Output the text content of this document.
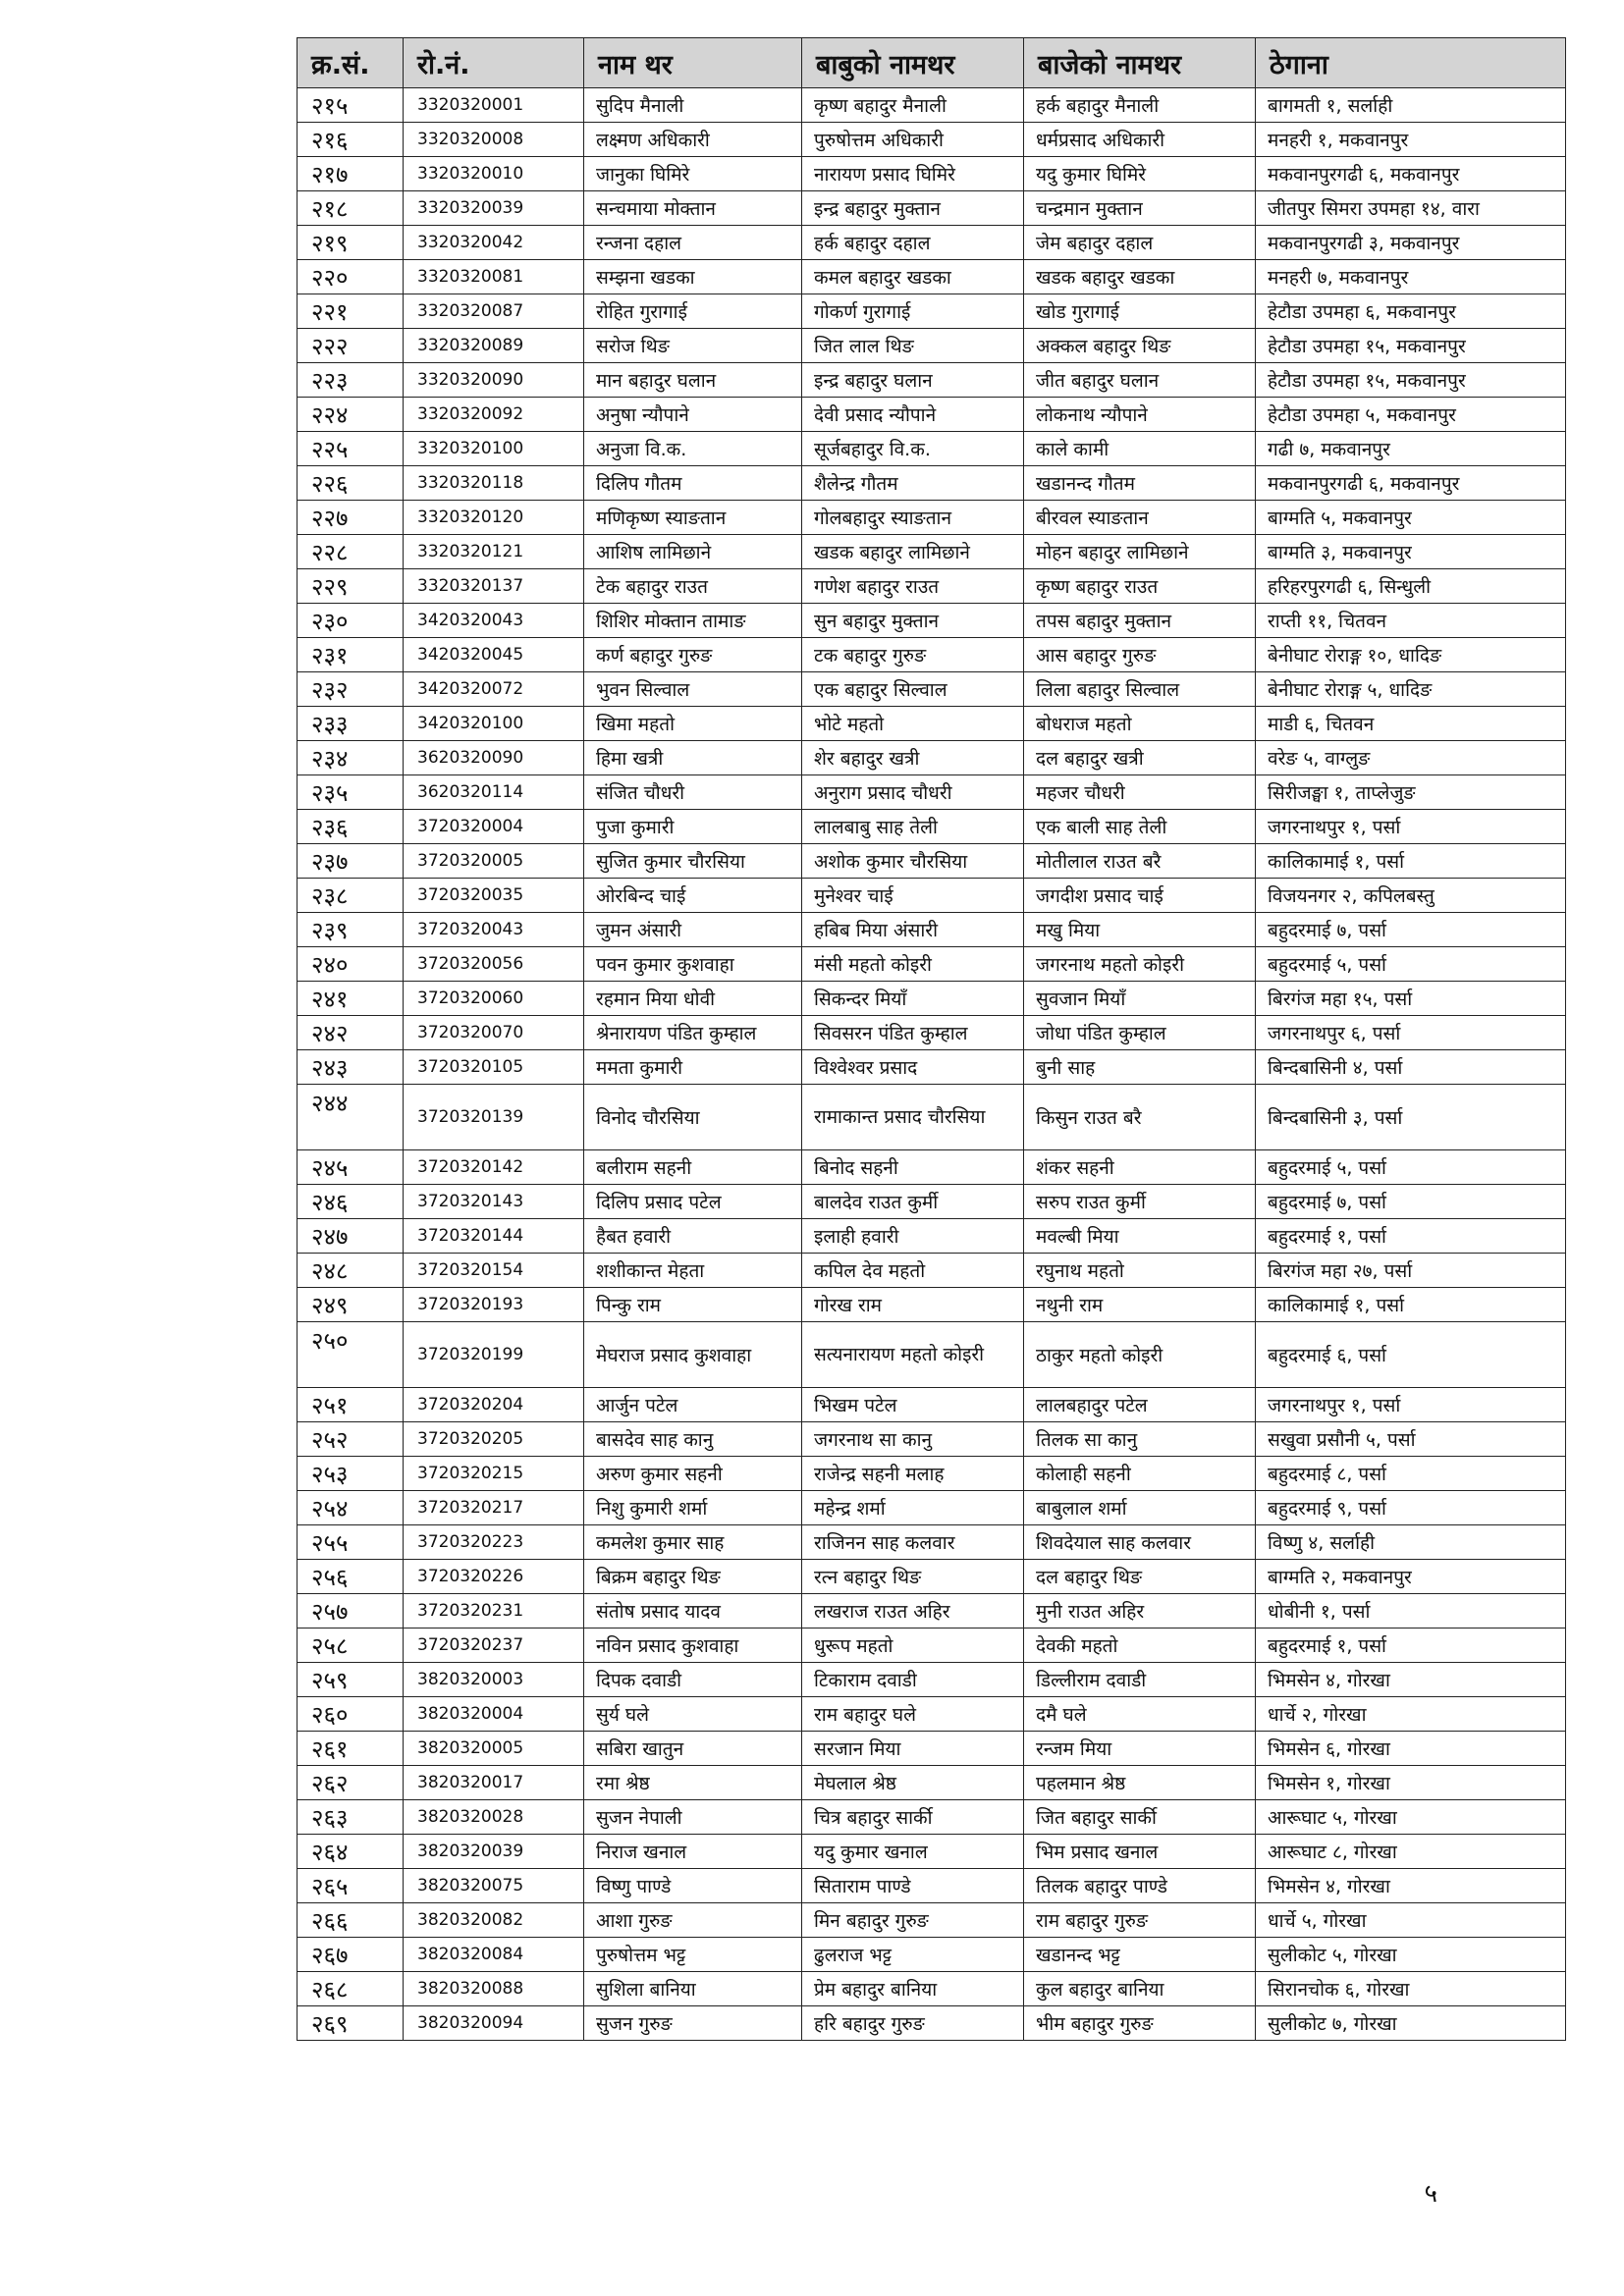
क्र.सं.	रो.नं.	नाम थर	बाबुको नामथर	बाजेको नामथर	ठेगाना
२१५	3320320001	सुदिप मैनाली	कृष्ण बहादुर मैनाली	हर्क बहादुर मैनाली	बागमती १, सर्लाही
२१६	3320320008	लक्ष्मण अधिकारी	पुरुषोत्तम अधिकारी	धर्मप्रसाद अधिकारी	मनहरी १, मकवानपुर
२१७	3320320010	जानुका घिमिरे	नारायण प्रसाद घिमिरे	यदु कुमार घिमिरे	मकवानपुरगढी ६, मकवानपुर
२१८	3320320039	सन्चमाया मोक्तान	इन्द्र बहादुर मुक्तान	चन्द्रमान मुक्तान	जीतपुर सिमरा उपमहा १४, वारा
२१९	3320320042	रन्जना दहाल	हर्क बहादुर दहाल	जेम बहादुर दहाल	मकवानपुरगढी ३, मकवानपुर
२२०	3320320081	सम्झना खडका	कमल बहादुर खडका	खडक बहादुर खडका	मनहरी ७, मकवानपुर
२२१	3320320087	रोहित गुरागाई	गोकर्ण गुरागाई	खोड गुरागाई	हेटौडा उपमहा ६, मकवानपुर
२२२	3320320089	सरोज थिङ	जित लाल थिङ	अक्कल बहादुर थिङ	हेटौडा उपमहा १५, मकवानपुर
२२३	3320320090	मान बहादुर घलान	इन्द्र बहादुर घलान	जीत बहादुर घलान	हेटौडा उपमहा १५, मकवानपुर
२२४	3320320092	अनुषा न्यौपाने	देवी प्रसाद न्यौपाने	लोकनाथ न्यौपाने	हेटौडा उपमहा ५, मकवानपुर
२२५	3320320100	अनुजा वि.क.	सूर्जबहादुर वि.क.	काले कामी	गढी ७, मकवानपुर
२२६	3320320118	दिलिप गौतम	शैलेन्द्र गौतम	खडानन्द गौतम	मकवानपुरगढी ६, मकवानपुर
२२७	3320320120	मणिकृष्ण स्याङतान	गोलबहादुर स्याङतान	बीरवल स्याङतान	बाग्मति ५, मकवानपुर
२२८	3320320121	आशिष लामिछाने	खडक बहादुर लामिछाने	मोहन बहादुर लामिछाने	बाग्मति ३, मकवानपुर
२२९	3320320137	टेक बहादुर राउत	गणेश बहादुर राउत	कृष्ण बहादुर राउत	हरिहरपुरगढी ६, सिन्धुली
२३०	3420320043	शिशिर मोक्तान तामाङ	सुन बहादुर मुक्तान	तपस बहादुर मुक्तान	राप्ती ११, चितवन
२३१	3420320045	कर्ण बहादुर गुरुङ	टक बहादुर गुरुङ	आस बहादुर गुरुङ	बेनीघाट रोराङ्ग १०, धादिङ
२३२	3420320072	भुवन सिल्वाल	एक बहादुर सिल्वाल	लिला बहादुर सिल्वाल	बेनीघाट रोराङ्ग ५, धादिङ
२३३	3420320100	खिमा महतो	भोटे महतो	बोधराज महतो	माडी ६, चितवन
२३४	3620320090	हिमा खत्री	शेर बहादुर खत्री	दल बहादुर खत्री	वरेङ ५, वाग्लुङ
२३५	3620320114	संजित चौधरी	अनुराग प्रसाद चौधरी	महजर चौधरी	सिरीजङ्घा १, ताप्लेजुङ
२३६	3720320004	पुजा कुमारी	लालबाबु साह तेली	एक बाली साह तेली	जगरनाथपुर १, पर्सा
२३७	3720320005	सुजित कुमार चौरसिया	अशोक कुमार चौरसिया	मोतीलाल राउत बरै	कालिकामाई १, पर्सा
२३८	3720320035	ओरबिन्द चाई	मुनेश्वर चाई	जगदीश प्रसाद चाई	विजयनगर २, कपिलबस्तु
२३९	3720320043	जुमन अंसारी	हबिब मिया अंसारी	मखु मिया	बहुदरमाई ७, पर्सा
२४०	3720320056	पवन कुमार कुशवाहा	मंसी महतो कोइरी	जगरनाथ महतो कोइरी	बहुदरमाई ५, पर्सा
२४१	3720320060	रहमान मिया धोवी	सिकन्दर मियाँ	सुवजान मियाँ	बिरगंज महा १५, पर्सा
२४२	3720320070	श्रेनारायण पंडित कुम्हाल	सिवसरन पंडित कुम्हाल	जोधा पंडित कुम्हाल	जगरनाथपुर ६, पर्सा
२४३	3720320105	ममता कुमारी	विश्वेश्वर प्रसाद	बुनी साह	बिन्दबासिनी ४, पर्सा
२४४	3720320139	विनोद चौरसिया	रामाकान्त प्रसाद चौरसिया	किसुन राउत बरै	बिन्दबासिनी ३, पर्सा
२४५	3720320142	बलीराम सहनी	बिनोद सहनी	शंकर सहनी	बहुदरमाई ५, पर्सा
२४६	3720320143	दिलिप प्रसाद पटेल	बालदेव राउत कुर्मी	सरुप राउत कुर्मी	बहुदरमाई ७, पर्सा
२४७	3720320144	हैबत हवारी	इलाही हवारी	मवल्बी मिया	बहुदरमाई १, पर्सा
२४८	3720320154	शशीकान्त मेहता	कपिल देव महतो	रघुनाथ महतो	बिरगंज महा २७, पर्सा
२४९	3720320193	पिन्कु राम	गोरख राम	नथुनी राम	कालिकामाई १, पर्सा
२५०	3720320199	मेघराज प्रसाद कुशवाहा	सत्यनारायण महतो कोइरी	ठाकुर महतो कोइरी	बहुदरमाई ६, पर्सा
२५१	3720320204	आर्जुन पटेल	भिखम पटेल	लालबहादुर पटेल	जगरनाथपुर १, पर्सा
२५२	3720320205	बासदेव साह कानु	जगरनाथ सा कानु	तिलक सा कानु	सखुवा प्रसौनी ५, पर्सा
२५३	3720320215	अरुण कुमार सहनी	राजेन्द्र सहनी मलाह	कोलाही सहनी	बहुदरमाई ८, पर्सा
२५४	3720320217	निशु कुमारी शर्मा	महेन्द्र शर्मा	बाबुलाल शर्मा	बहुदरमाई ९, पर्सा
२५५	3720320223	कमलेश कुमार साह	राजिनन साह कलवार	शिवदेयाल साह कलवार	विष्णु ४, सर्लाही
२५६	3720320226	बिक्रम बहादुर थिङ	रत्न बहादुर थिङ	दल बहादुर थिङ	बाग्मति २, मकवानपुर
२५७	3720320231	संतोष प्रसाद यादव	लखराज राउत अहिर	मुनी राउत अहिर	धोबीनी १, पर्सा
२५८	3720320237	नविन प्रसाद कुशवाहा	धुरूप महतो	देवकी महतो	बहुदरमाई १, पर्सा
२५९	3820320003	दिपक दवाडी	टिकाराम दवाडी	डिल्लीराम दवाडी	भिमसेन ४, गोरखा
२६०	3820320004	सुर्य घले	राम बहादुर घले	दमै घले	धार्चे २, गोरखा
२६१	3820320005	सबिरा खातुन	सरजान मिया	रन्जम मिया	भिमसेन ६, गोरखा
२६२	3820320017	रमा श्रेष्ठ	मेघलाल श्रेष्ठ	पहलमान श्रेष्ठ	भिमसेन १, गोरखा
२६३	3820320028	सुजन नेपाली	चित्र बहादुर सार्की	जित बहादुर सार्की	आरूघाट ५, गोरखा
२६४	3820320039	निराज खनाल	यदु कुमार खनाल	भिम प्रसाद खनाल	आरूघाट ८, गोरखा
२६५	3820320075	विष्णु पाण्डे	सिताराम पाण्डे	तिलक बहादुर पाण्डे	भिमसेन ४, गोरखा
२६६	3820320082	आशा गुरुङ	मिन बहादुर गुरुङ	राम बहादुर गुरुङ	धार्चे ५, गोरखा
२६७	3820320084	पुरुषोत्तम भट्ट	ढुलराज भट्ट	खडानन्द भट्ट	सुलीकोट ५, गोरखा
२६८	3820320088	सुशिला बानिया	प्रेम बहादुर बानिया	कुल बहादुर बानिया	सिरानचोक ६, गोरखा
२६९	3820320094	सुजन गुरुङ	हरि बहादुर गुरुङ	भीम बहादुर गुरुङ	सुलीकोट ७, गोरखा
५
